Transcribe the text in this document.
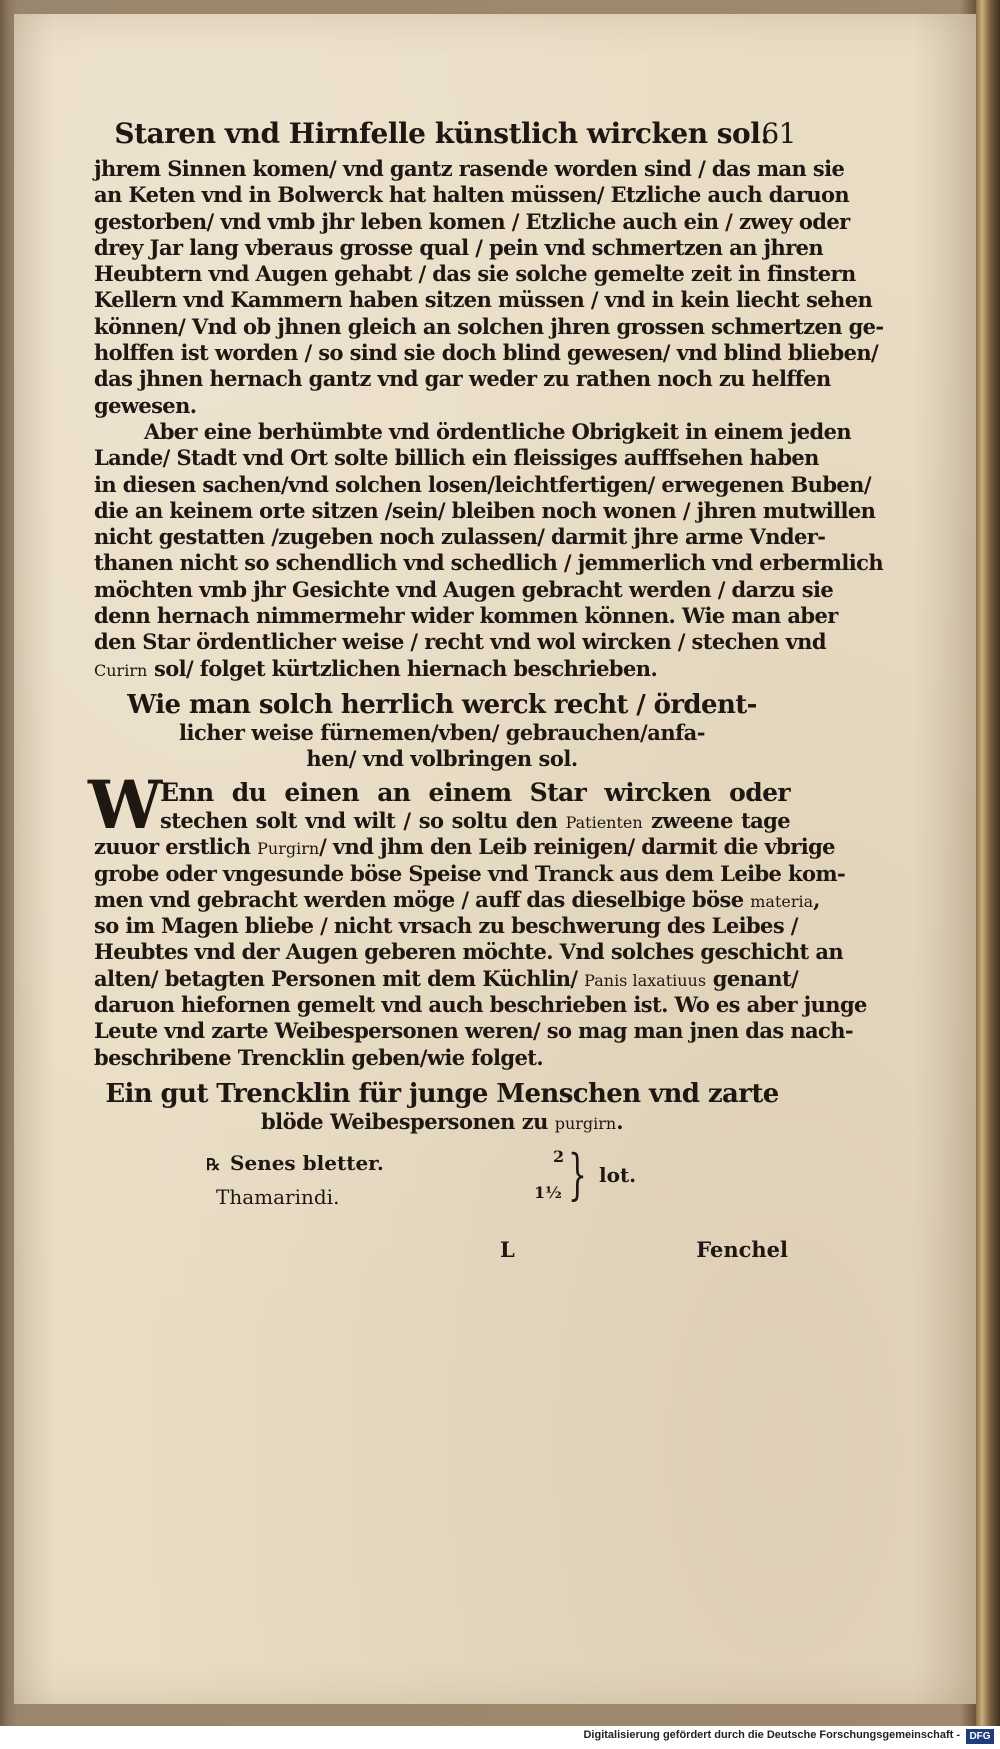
Staren vnd Hirnfelle künstlich wircken sol.
61
jhrem Sinnen komen/ vnd gantz rasende worden sind / das man sie
an Keten vnd in Bolwerck hat halten müssen/ Etzliche auch daruon
gestorben/ vnd vmb jhr leben komen / Etzliche auch ein / zwey oder
drey Jar lang vberaus grosse qual / pein vnd schmertzen an jhren
Heubtern vnd Augen gehabt / das sie solche gemelte zeit in finstern
Kellern vnd Kammern haben sitzen müssen / vnd in kein liecht sehen
können/ Vnd ob jhnen gleich an solchen jhren grossen schmertzen ge-
holffen ist worden / so sind sie doch blind gewesen/ vnd blind blieben/
das jhnen hernach gantz vnd gar weder zu rathen noch zu helffen
gewesen.
Aber eine berhümbte vnd ördentliche Obrigkeit in einem jeden
Lande/ Stadt vnd Ort solte billich ein fleissiges aufffsehen haben
in diesen sachen/vnd solchen losen/leichtfertigen/ erwegenen Buben/
die an keinem orte sitzen /sein/ bleiben noch wonen / jhren mutwillen
nicht gestatten /zugeben noch zulassen/ darmit jhre arme Vnder-
thanen nicht so schendlich vnd schedlich / jemmerlich vnd erbermlich
möchten vmb jhr Gesichte vnd Augen gebracht werden / darzu sie
denn hernach nimmermehr wider kommen können. Wie man aber
den Star ördentlicher weise / recht vnd wol wircken / stechen vnd
Curirn sol/ folget kürtzlichen hiernach beschrieben.
Wie man solch herrlich werck recht / ördent-
licher weise fürnemen/vben/ gebrauchen/anfa-
hen/ vnd volbringen sol.
W
Enn du einen an einem Star wircken oder
stechen solt vnd wilt / so soltu den Patienten zweene tage
zuuor erstlich Purgirn/ vnd jhm den Leib reinigen/ darmit die vbrige
grobe oder vngesunde böse Speise vnd Tranck aus dem Leibe kom-
men vnd gebracht werden möge / auff das dieselbige böse materia,
so im Magen bliebe / nicht vrsach zu beschwerung des Leibes /
Heubtes vnd der Augen geberen möchte. Vnd solches geschicht an
alten/ betagten Personen mit dem Küchlin/ Panis laxatiuus genant/
daruon hiefornen gemelt vnd auch beschrieben ist. Wo es aber junge
Leute vnd zarte Weibespersonen weren/ so mag man jnen das nach-
beschribene Trencklin geben/wie folget.
Ein gut Trencklin für junge Menschen vnd zarte
blöde Weibespersonen zu purgirn.
℞ Senes bletter.
Thamarindi.
2
1½ } lot.
L	Fenchel
Digitalisierung gefördert durch die Deutsche Forschungsgemeinschaft - DFG
